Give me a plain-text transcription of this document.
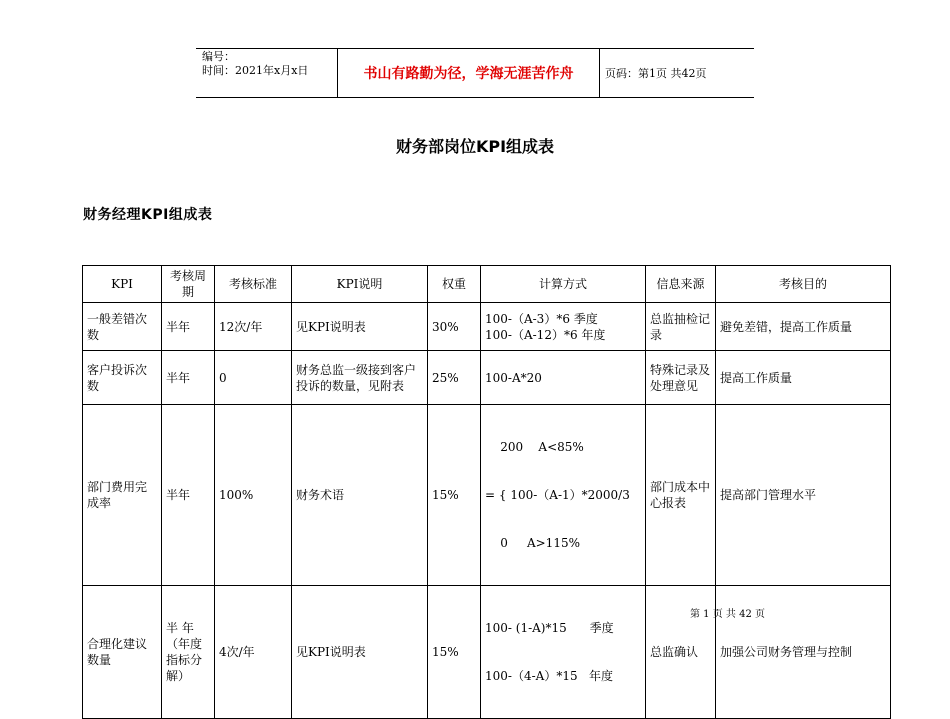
编号：
时间：2021年x月x日	书山有路勤为径，学海无涯苦作舟	页码：第1页 共42页
财务部岗位KPI组成表
财务经理KPI组成表
KPI	考核周期	考核标准	KPI说明	权重	计算方式	信息来源	考核目的
一般差错次数	半年	12次/年	见KPI说明表	30%	100-（A-3）*6 季度
100-（A-12）*6 年度	总监抽检记录	避免差错，提高工作质量
客户投诉次数	半年	0	财务总监一级接到客户投诉的数量，见附表	25%	100-A*20	特殊记录及处理意见	提高工作质量
部门费用完成率	半年	100%	财务术语	15%	200    A<85%

= { 100-（A-1）*2000/3

0     A>115%	部门成本中心报表	提高部门管理水平
合理化建议数量	半 年（年度指标分解）	4次/年	见KPI说明表	15%	100- (1-A)*15      季度

100-（4-A）*15   年度	总监确认	加强公司财务管理与控制
第 1 页 共 42 页
